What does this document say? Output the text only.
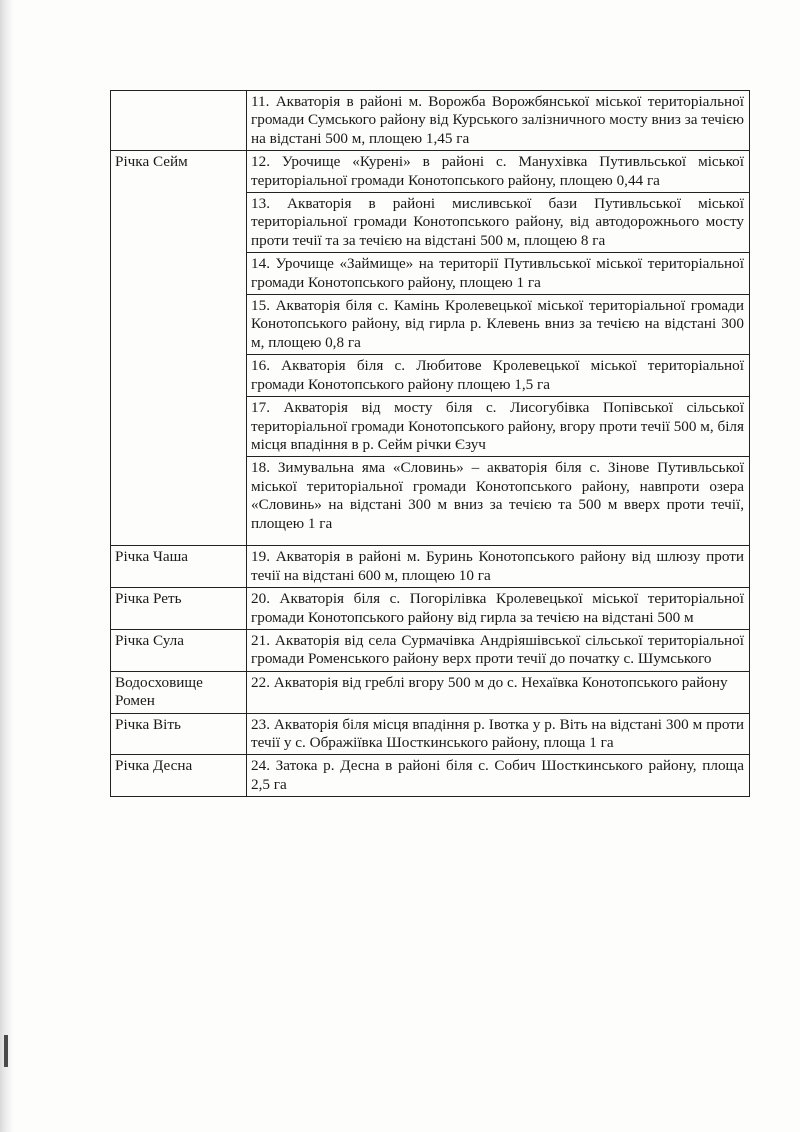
	11. Акваторія в районі м. Ворожба Ворожбянської міської територіальної громади Сумського району від Курського залізничного мосту вниз за течією на відстані 500 м, площею 1,45 га
Річка Сейм	12. Урочище «Курені» в районі с. Манухівка Путивльської міської територіальної громади Конотопського району, площею 0,44 га
	13. Акваторія в районі мисливської бази Путивльської міської територіальної громади Конотопського району, від автодорожнього мосту проти течії та за течією на відстані 500 м, площею 8 га
	14. Урочище «Займище» на території Путивльської міської територіальної громади Конотопського району, площею 1 га
	15. Акваторія біля с. Камінь Кролевецької міської територіальної громади Конотопського району, від гирла р. Клевень вниз за течією на відстані 300 м, площею 0,8 га
	16. Акваторія біля с. Любитове Кролевецької міської територіальної громади Конотопського району площею 1,5 га
	17. Акваторія від мосту біля с. Лисогубівка Попівської сільської територіальної громади Конотопського району, вгору проти течії 500 м, біля місця впадіння в р. Сейм річки Єзуч
	18. Зимувальна яма «Словинь» – акваторія біля с. Зінове Путивльської міської територіальної громади Конотопського району, навпроти озера «Словинь» на відстані 300 м вниз за течією та 500 м вверх проти течії, площею 1 га
Річка Чаша	19. Акваторія в районі м. Буринь Конотопського району від шлюзу проти течії на відстані 600 м, площею 10 га
Річка Реть	20. Акваторія біля с. Погорілівка Кролевецької міської територіальної громади Конотопського району від гирла за течією на відстані 500 м
Річка Сула	21. Акваторія від села Сурмачівка Андріяшівської сільської територіальної громади Роменського району верх проти течії до початку с. Шумського
Водосховище Ромен	22. Акваторія від греблі вгору 500 м до с. Нехаївка Конотопського району
Річка Віть	23. Акваторія біля місця впадіння р. Івотка у р. Віть на відстані 300 м проти течії у с. Ображіївка Шосткинського району, площа 1 га
Річка Десна	24. Затока р. Десна в районі біля с. Собич Шосткинського району, площа 2,5 га
